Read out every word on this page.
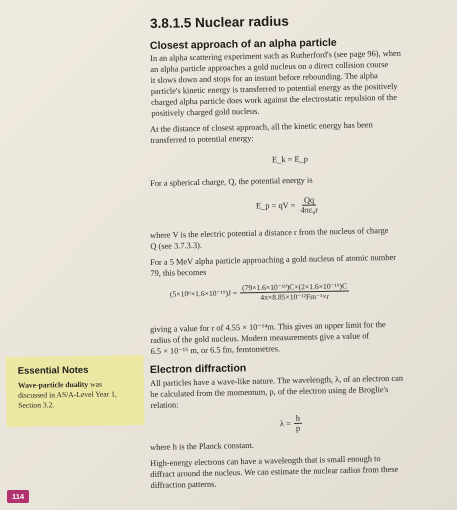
3.8.1.5 Nuclear radius
Closest approach of an alpha particle
In an alpha scattering experiment such as Rutherford's (see page 96), when
an alpha particle approaches a gold nucleus on a direct collision course
it slows down and stops for an instant before rebounding. The alpha
particle's kinetic energy is transferred to potential energy as the positively
charged alpha particle does work against the electrostatic repulsion of the
positively charged gold nucleus.
At the distance of closest approach, all the kinetic energy has been
transferred to potential energy:
E_k = E_p
For a spherical charge, Q, the potential energy is
E_p = qV = $\frac{Qq}{\text{4πε₀r}}$
where V is the electric potential a distance r from the nucleus of charge
Q (see 3.7.3.3).
For a 5 MeV alpha particle approaching a gold nucleus of atomic number
79, this becomes
$(5\times 10^6\times 1.6\times 10^{-19})J = \frac{\text{(79×1.6×10⁻¹⁹)C×(2×1.6×10⁻¹⁹)C}}{\text{4π×8.85×10⁻¹²Fm⁻¹×r}}$
giving a value for r of 4.55 × 10⁻¹⁴m. This gives an upper limit for the
radius of the gold nucleus. Modern measurements give a value of
6.5 × 10⁻¹⁵ m, or 6.5 fm, femtometres.
Electron diffraction
All particles have a wave-like nature. The wavelength, λ, of an electron can
be calculated from the momentum, p, of the electron using de Broglie's
relation:
$\lambda = \frac{h}{p}$
where h is the Planck constant.
High-energy electrons can have a wavelength that is small enough to
diffract around the nucleus. We can estimate the nuclear radius from these
diffraction patterns.
Essential Notes
Wave-particle duality was
discussed in AS/A-Level Year 1,
Section 3.2.
114
